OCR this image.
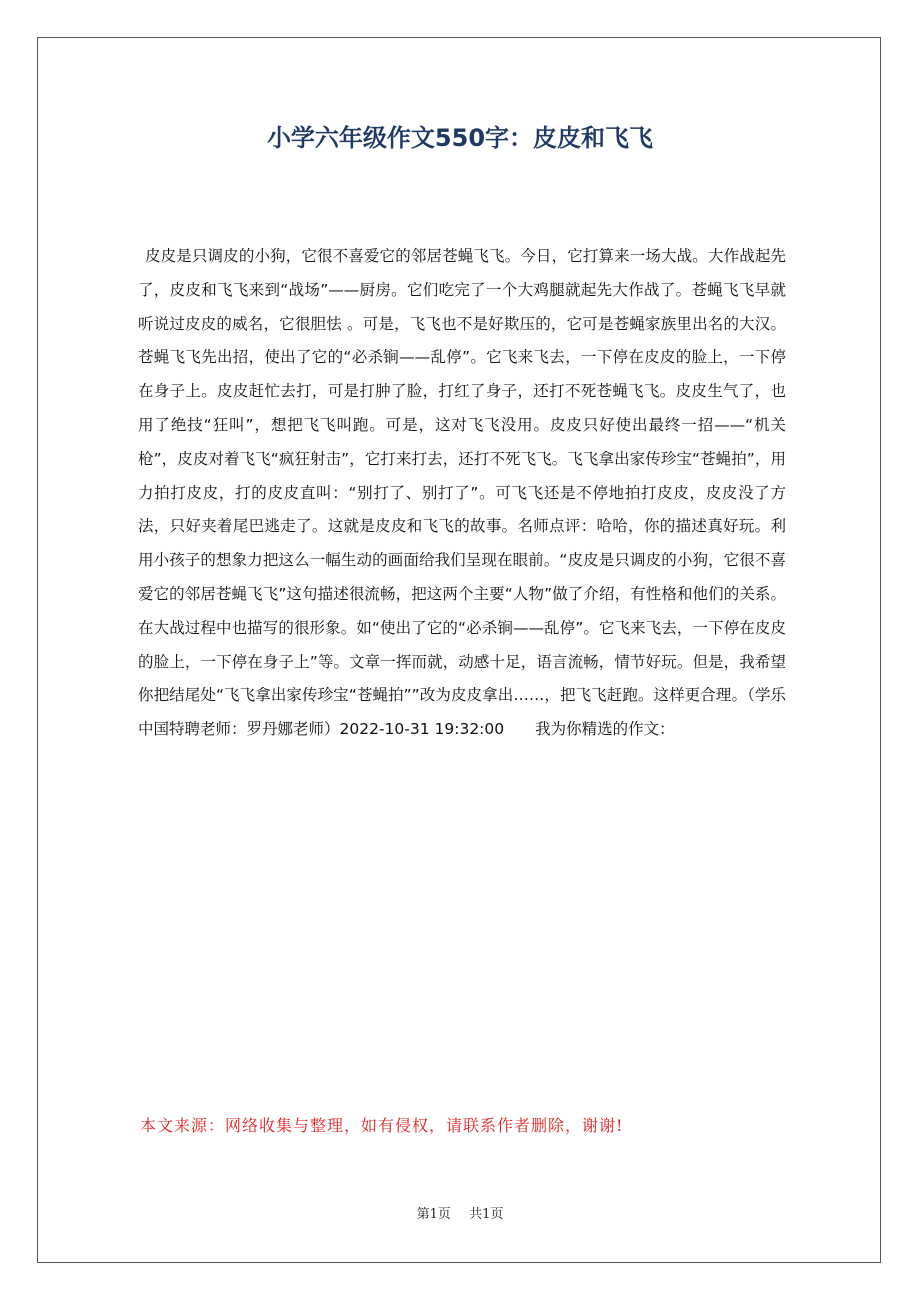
小学六年级作文550字：皮皮和飞飞

皮皮是只调皮的小狗，它很不喜爱它的邻居苍蝇飞飞。今日，它打算来一场大战。大作战起先了，皮皮和飞飞来到“战场”——厨房。它们吃完了一个大鸡腿就起先大作战了。苍蝇飞飞早就听说过皮皮的威名，它很胆怯 。可是，飞飞也不是好欺压的，它可是苍蝇家族里出名的大汉。苍蝇飞飞先出招，使出了它的“必杀锏——乱停”。它飞来飞去，一下停在皮皮的脸上，一下停在身子上。皮皮赶忙去打，可是打肿了脸，打红了身子，还打不死苍蝇飞飞。皮皮生气了，也用了绝技“狂叫”，想把飞飞叫跑。可是，这对飞飞没用。皮皮只好使出最终一招——“机关枪”，皮皮对着飞飞“疯狂射击”，它打来打去，还打不死飞飞。飞飞拿出家传珍宝“苍蝇拍”，用力拍打皮皮，打的皮皮直叫：“别打了、别打了”。可飞飞还是不停地拍打皮皮，皮皮没了方法，只好夹着尾巴逃走了。这就是皮皮和飞飞的故事。名师点评：哈哈，你的描述真好玩。利用小孩子的想象力把这么一幅生动的画面给我们呈现在眼前。“皮皮是只调皮的小狗，它很不喜爱它的邻居苍蝇飞飞”这句描述很流畅，把这两个主要“人物”做了介绍，有性格和他们的关系。在大战过程中也描写的很形象。如“使出了它的“必杀锏——乱停”。它飞来飞去，一下停在皮皮的脸上，一下停在身子上”等。文章一挥而就，动感十足，语言流畅，情节好玩。但是，我希望你把结尾处“飞飞拿出家传珍宝“苍蝇拍””改为皮皮拿出……，把飞飞赶跑。这样更合理。（学乐中国特聘老师：罗丹娜老师）2022-10-31 19:32:00　　我为你精选的作文：

本文来源：网络收集与整理，如有侵权，请联系作者删除，谢谢!

第1页 共1页
